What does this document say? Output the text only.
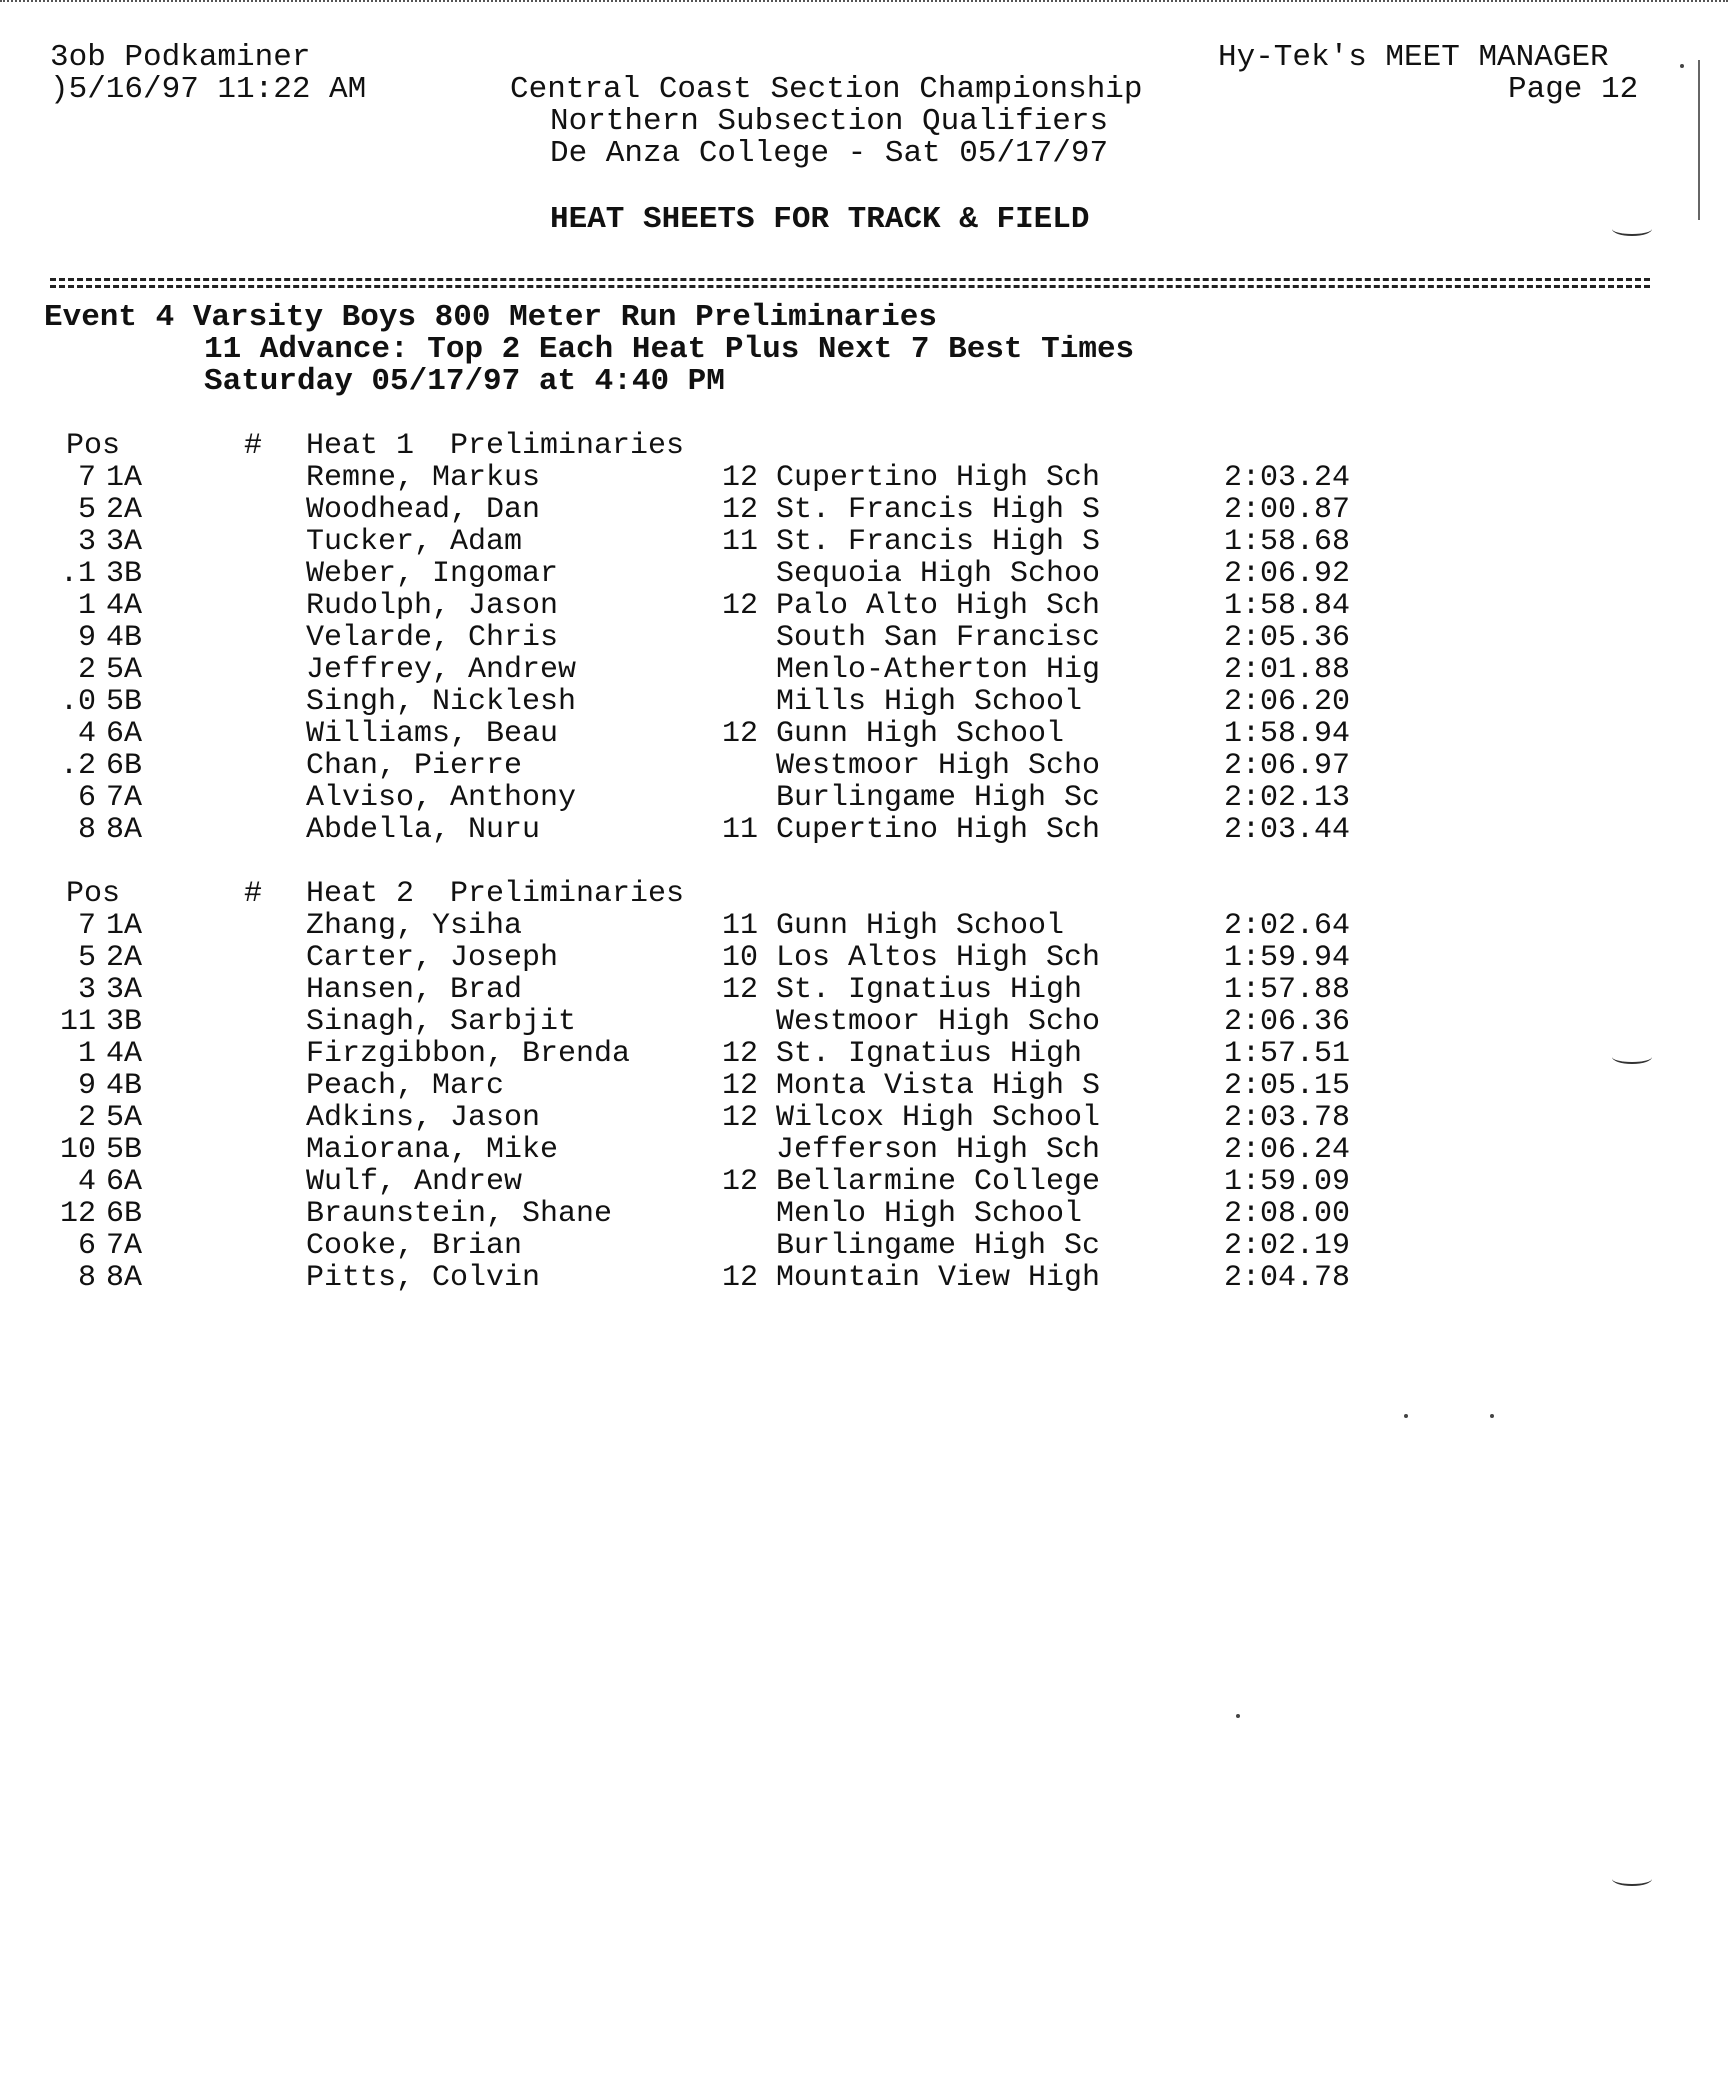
3ob Podkaminer
)5/16/97 11:22 AM
Hy-Tek's MEET MANAGER
Page 12
Central Coast Section Championship
Northern Subsection Qualifiers
De Anza College - Sat 05/17/97
HEAT SHEETS FOR TRACK & FIELD
Event 4 Varsity Boys 800 Meter Run Preliminaries
11 Advance: Top 2 Each Heat Plus Next 7 Best Times
Saturday 05/17/97 at 4:40 PM
Pos	# Heat 1  Preliminaries
7 1A	Remne, Markus	12 Cupertino High Sch	2:03.24
5 2A	Woodhead, Dan	12 St. Francis High S	2:00.87
3 3A	Tucker, Adam	11 St. Francis High S	1:58.68
.1 3B	Weber, Ingomar	Sequoia High Schoo	2:06.92
1 4A	Rudolph, Jason	12 Palo Alto High Sch	1:58.84
9 4B	Velarde, Chris	South San Francisc	2:05.36
2 5A	Jeffrey, Andrew	Menlo-Atherton Hig	2:01.88
.0 5B	Singh, Nicklesh	Mills High School	2:06.20
4 6A	Williams, Beau	12 Gunn High School	1:58.94
.2 6B	Chan, Pierre	Westmoor High Scho	2:06.97
6 7A	Alviso, Anthony	Burlingame High Sc	2:02.13
8 8A	Abdella, Nuru	11 Cupertino High Sch	2:03.44
Pos	# Heat 2  Preliminaries
7 1A	Zhang, Ysiha	11 Gunn High School	2:02.64
5 2A	Carter, Joseph	10 Los Altos High Sch	1:59.94
3 3A	Hansen, Brad	12 St. Ignatius High	1:57.88
11 3B	Sinagh, Sarbjit	Westmoor High Scho	2:06.36
1 4A	Firzgibbon, Brenda	12 St. Ignatius High	1:57.51
9 4B	Peach, Marc	12 Monta Vista High S	2:05.15
2 5A	Adkins, Jason	12 Wilcox High School	2:03.78
10 5B	Maiorana, Mike	Jefferson High Sch	2:06.24
4 6A	Wulf, Andrew	12 Bellarmine College	1:59.09
12 6B	Braunstein, Shane	Menlo High School	2:08.00
6 7A	Cooke, Brian	Burlingame High Sc	2:02.19
8 8A	Pitts, Colvin	12 Mountain View High	2:04.78
